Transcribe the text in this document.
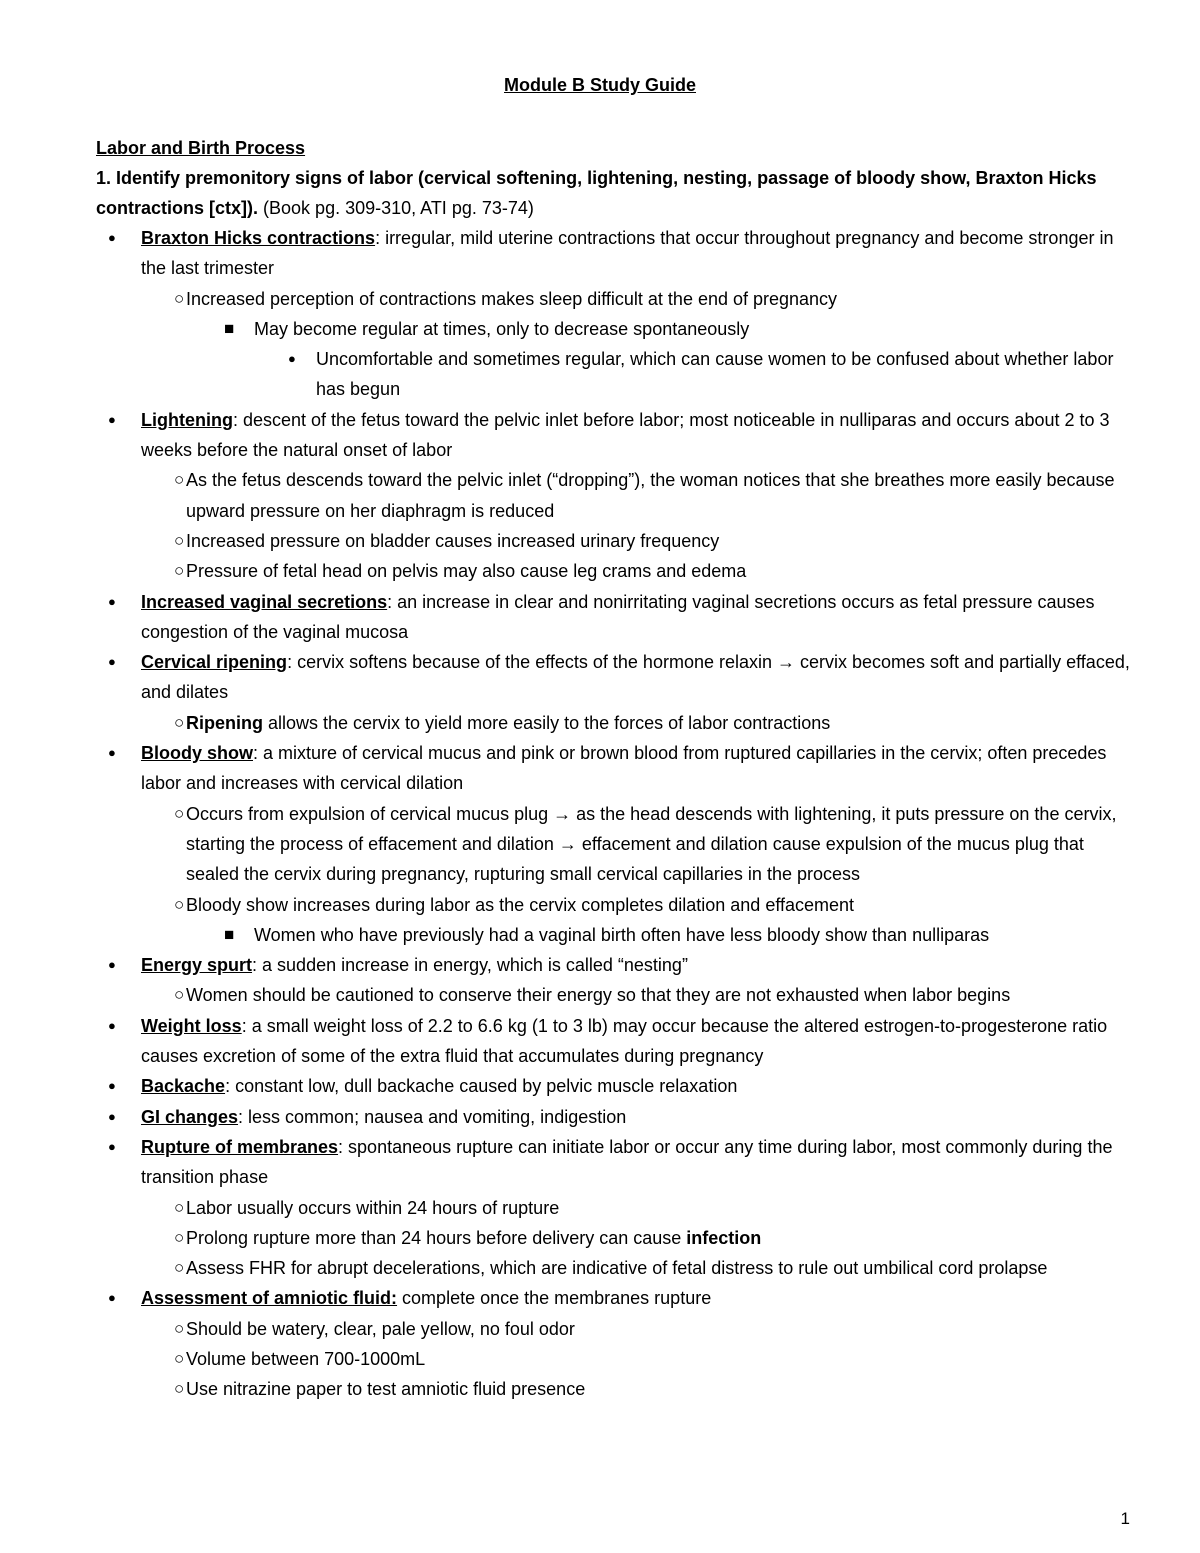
Module B Study Guide
Labor and Birth Process
1. Identify premonitory signs of labor (cervical softening, lightening, nesting, passage of bloody show, Braxton Hicks contractions [ctx]). (Book pg. 309-310, ATI pg. 73-74)
● Braxton Hicks contractions: irregular, mild uterine contractions that occur throughout pregnancy and become stronger in the last trimester
○ Increased perception of contractions makes sleep difficult at the end of pregnancy
■ May become regular at times, only to decrease spontaneously
● Uncomfortable and sometimes regular, which can cause women to be confused about whether labor has begun
● Lightening: descent of the fetus toward the pelvic inlet before labor; most noticeable in nulliparas and occurs about 2 to 3 weeks before the natural onset of labor
○ As the fetus descends toward the pelvic inlet (“dropping”), the woman notices that she breathes more easily because upward pressure on her diaphragm is reduced
○ Increased pressure on bladder causes increased urinary frequency
○ Pressure of fetal head on pelvis may also cause leg crams and edema
● Increased vaginal secretions: an increase in clear and nonirritating vaginal secretions occurs as fetal pressure causes congestion of the vaginal mucosa
● Cervical ripening: cervix softens because of the effects of the hormone relaxin → cervix becomes soft and partially effaced, and dilates
○ Ripening allows the cervix to yield more easily to the forces of labor contractions
● Bloody show: a mixture of cervical mucus and pink or brown blood from ruptured capillaries in the cervix; often precedes labor and increases with cervical dilation
○ Occurs from expulsion of cervical mucus plug → as the head descends with lightening, it puts pressure on the cervix, starting the process of effacement and dilation → effacement and dilation cause expulsion of the mucus plug that sealed the cervix during pregnancy, rupturing small cervical capillaries in the process
○ Bloody show increases during labor as the cervix completes dilation and effacement
■ Women who have previously had a vaginal birth often have less bloody show than nulliparas
● Energy spurt: a sudden increase in energy, which is called “nesting”
○ Women should be cautioned to conserve their energy so that they are not exhausted when labor begins
● Weight loss: a small weight loss of 2.2 to 6.6 kg (1 to 3 lb) may occur because the altered estrogen-to-progesterone ratio causes excretion of some of the extra fluid that accumulates during pregnancy
● Backache: constant low, dull backache caused by pelvic muscle relaxation
● GI changes: less common; nausea and vomiting, indigestion
● Rupture of membranes: spontaneous rupture can initiate labor or occur any time during labor, most commonly during the transition phase
○ Labor usually occurs within 24 hours of rupture
○ Prolong rupture more than 24 hours before delivery can cause infection
○ Assess FHR for abrupt decelerations, which are indicative of fetal distress to rule out umbilical cord prolapse
● Assessment of amniotic fluid: complete once the membranes rupture
○ Should be watery, clear, pale yellow, no foul odor
○ Volume between 700-1000mL
○ Use nitrazine paper to test amniotic fluid presence
1
